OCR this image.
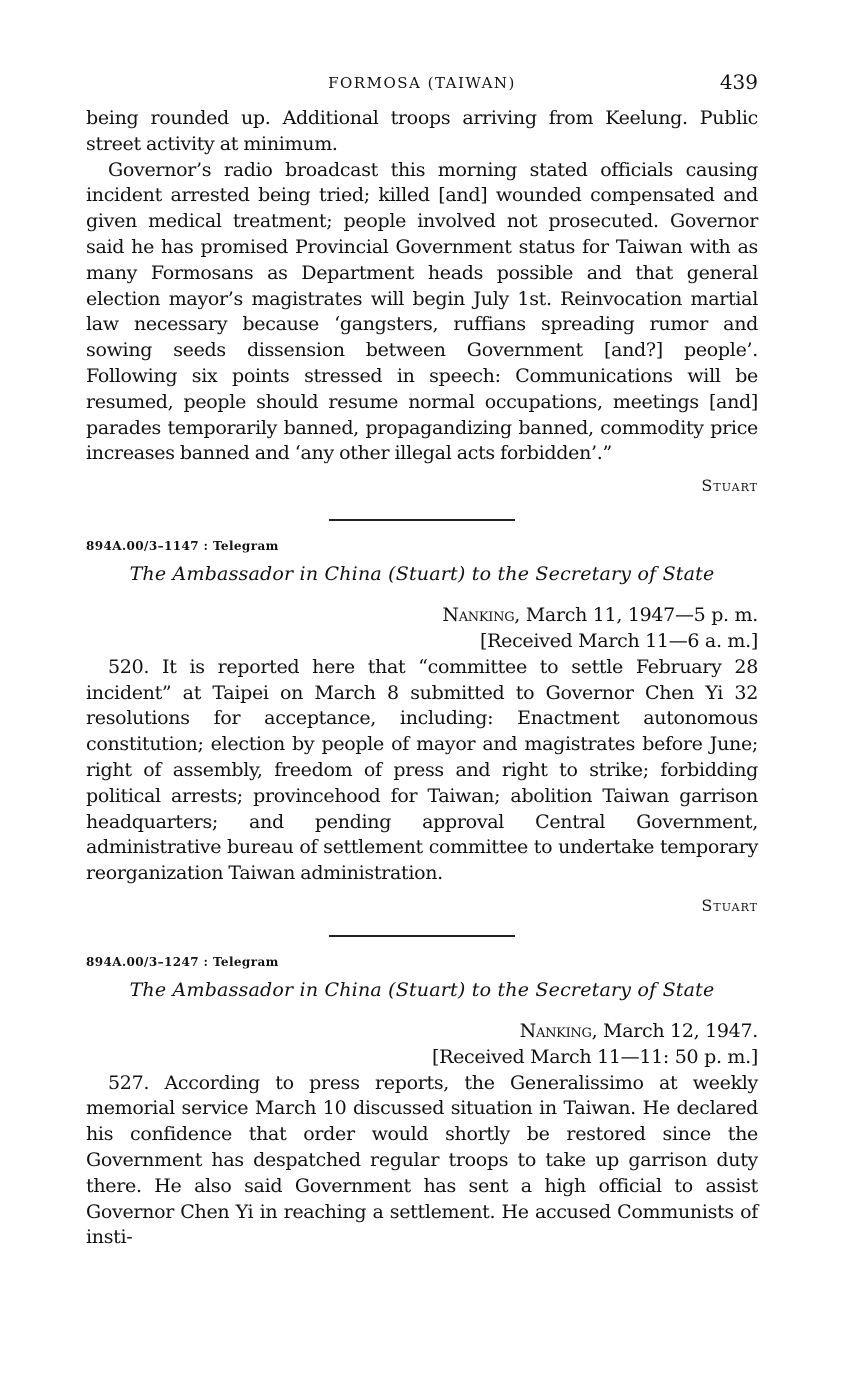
FORMOSA (TAIWAN)	439

being rounded up. Additional troops arriving from Keelung. Public street activity at minimum.

Governor’s radio broadcast this morning stated officials causing incident arrested being tried; killed [and] wounded compensated and given medical treatment; people involved not prosecuted. Governor said he has promised Provincial Government status for Taiwan with as many Formosans as Department heads possible and that general election mayor’s magistrates will begin July 1st. Reinvocation martial law necessary because ‘gangsters, ruffians spreading rumor and sowing seeds dissension between Government [and?] people’. Following six points stressed in speech: Communications will be resumed, people should resume normal occupations, meetings [and] parades temporarily banned, propagandizing banned, commodity price increases banned and ‘any other illegal acts forbidden’.”

Stuart
894A.00/3–1147 : Telegram
The Ambassador in China (Stuart) to the Secretary of State
Nanking, March 11, 1947—5 p. m.
[Received March 11—6 a. m.]

520. It is reported here that “committee to settle February 28 incident” at Taipei on March 8 submitted to Governor Chen Yi 32 resolutions for acceptance, including: Enactment autonomous constitution; election by people of mayor and magistrates before June; right of assembly, freedom of press and right to strike; forbidding political arrests; provincehood for Taiwan; abolition Taiwan garrison headquarters; and pending approval Central Government, administrative bureau of settlement committee to undertake temporary reorganization Taiwan administration.

Stuart
894A.00/3–1247 : Telegram
The Ambassador in China (Stuart) to the Secretary of State
Nanking, March 12, 1947.
[Received March 11—11: 50 p. m.]

527. According to press reports, the Generalissimo at weekly memorial service March 10 discussed situation in Taiwan. He declared his confidence that order would shortly be restored since the Government has despatched regular troops to take up garrison duty there. He also said Government has sent a high official to assist Governor Chen Yi in reaching a settlement. He accused Communists of insti-
